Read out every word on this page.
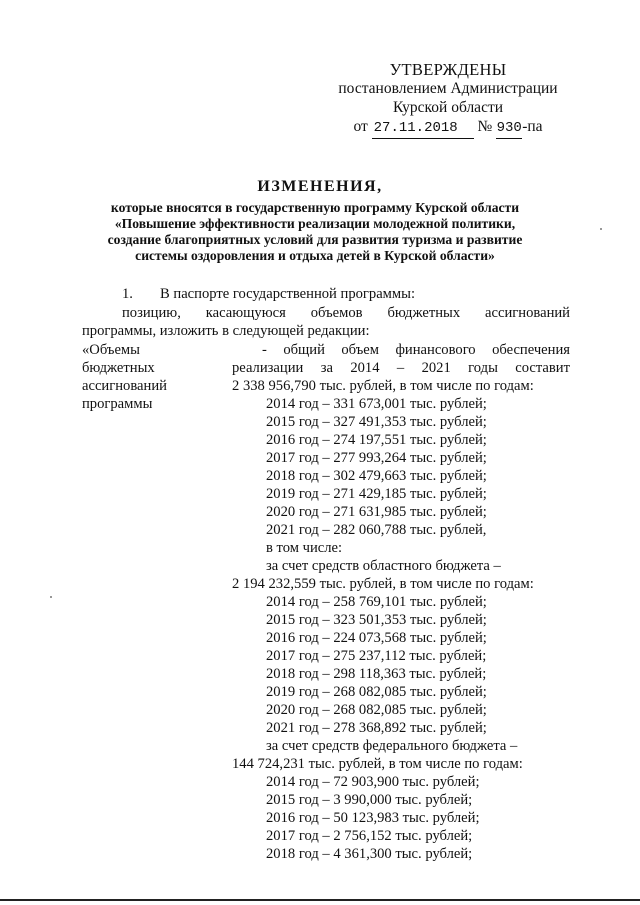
УТВЕРЖДЕНЫ
постановлением Администрации
Курской области
от 27.11.2018 № 930-па
ИЗМЕНЕНИЯ,
которые вносятся в государственную программу Курской области
«Повышение эффективности реализации молодежной политики,
создание благоприятных условий для развития туризма и развитие
системы оздоровления и отдыха детей в Курской области»
1. В паспорте государственной программы:
позицию, касающуюся объемов бюджетных ассигнований
программы, изложить в следующей редакции:
«Объемы
бюджетных
ассигнований
программы
- общий объем финансового обеспечения
реализации за 2014 – 2021 годы составит
2 338 956,790 тыс. рублей, в том числе по годам:
2014 год – 331 673,001 тыс. рублей;
2015 год – 327 491,353 тыс. рублей;
2016 год – 274 197,551 тыс. рублей;
2017 год – 277 993,264 тыс. рублей;
2018 год – 302 479,663 тыс. рублей;
2019 год – 271 429,185 тыс. рублей;
2020 год – 271 631,985 тыс. рублей;
2021 год – 282 060,788 тыс. рублей,
в том числе:
за счет средств областного бюджета –
2 194 232,559 тыс. рублей, в том числе по годам:
2014 год – 258 769,101 тыс. рублей;
2015 год – 323 501,353 тыс. рублей;
2016 год – 224 073,568 тыс. рублей;
2017 год – 275 237,112 тыс. рублей;
2018 год – 298 118,363 тыс. рублей;
2019 год – 268 082,085 тыс. рублей;
2020 год – 268 082,085 тыс. рублей;
2021 год – 278 368,892 тыс. рублей;
за счет средств федерального бюджета –
144 724,231 тыс. рублей, в том числе по годам:
2014 год – 72 903,900 тыс. рублей;
2015 год – 3 990,000 тыс. рублей;
2016 год – 50 123,983 тыс. рублей;
2017 год – 2 756,152 тыс. рублей;
2018 год – 4 361,300 тыс. рублей;
